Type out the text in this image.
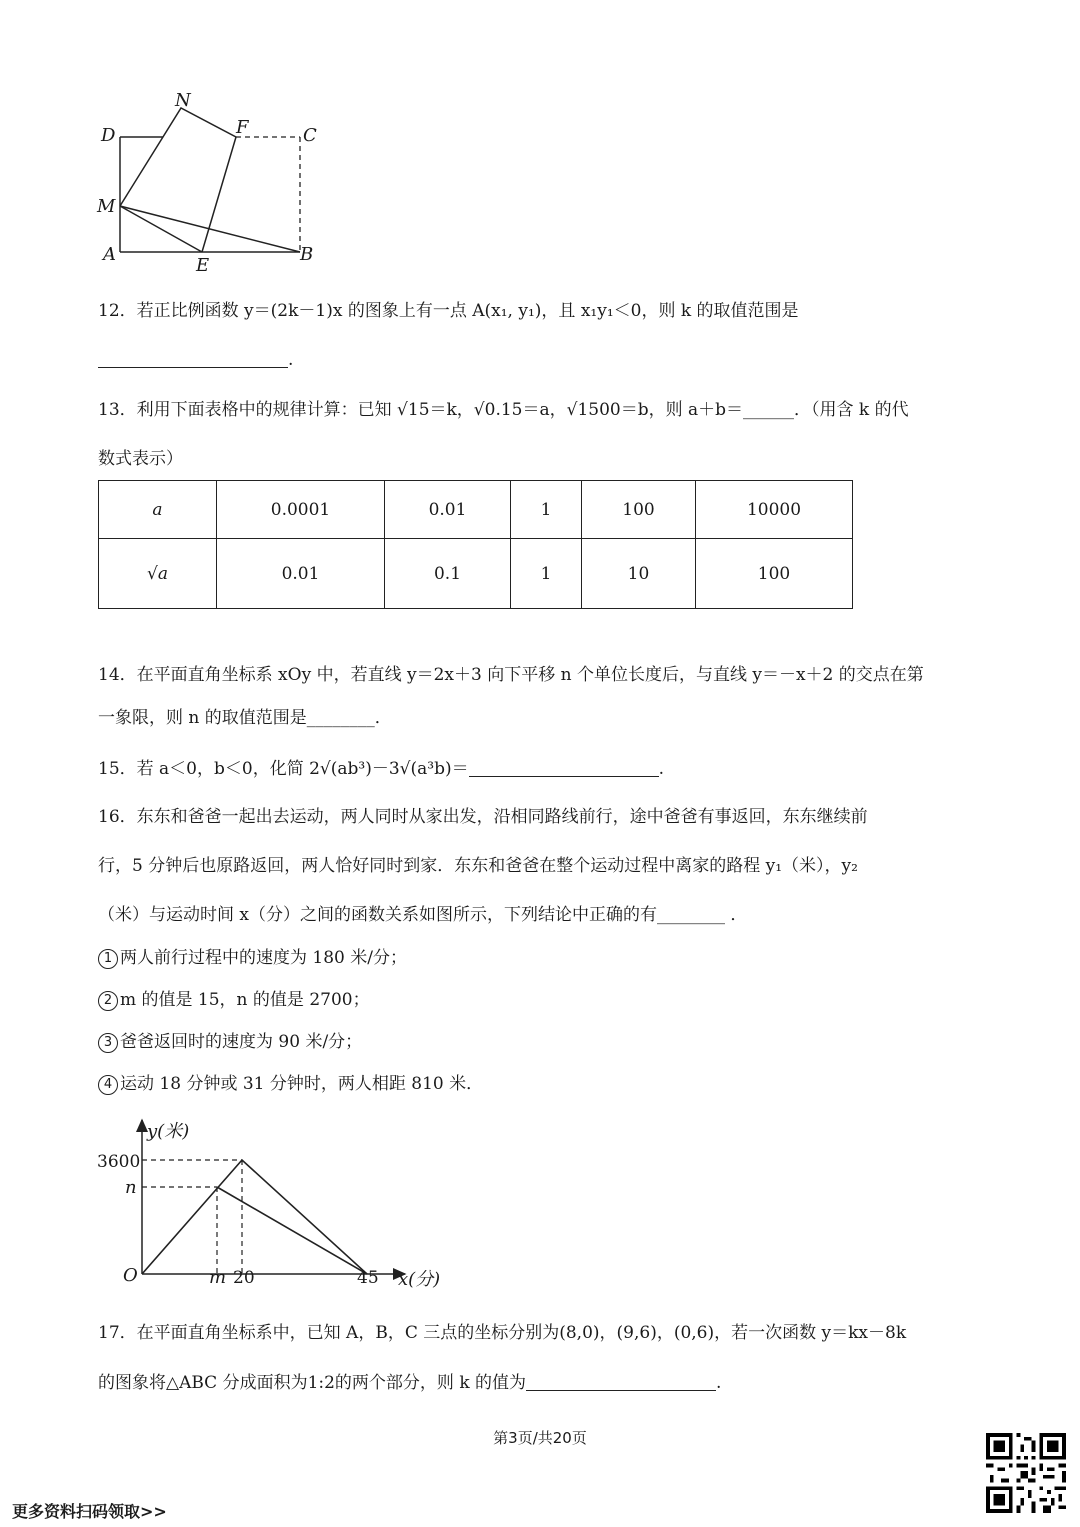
D
N
F	C
M
A
E
B
12．若正比例函数 y＝(2k－1)x 的图象上有一点 A(x₁, y₁)，且 x₁y₁＜0，则 k 的取值范围是
.
13．利用下面表格中的规律计算：已知 √15＝k，√0.15＝a，√1500＝b，则 a＋b＝______．（用含 k 的代
数式表示）
a	0.0001	0.01	1	100	10000
√a	0.01	0.1	1	10	100
14．在平面直角坐标系 xOy 中，若直线 y＝2x＋3 向下平移 n 个单位长度后，与直线 y＝－x＋2 的交点在第
一象限，则 n 的取值范围是________．
15．若 a＜0，b＜0，化简 2√(ab³)－3√(a³b)＝	.
16．东东和爸爸一起出去运动，两人同时从家出发，沿相同路线前行，途中爸爸有事返回，东东继续前
行，5 分钟后也原路返回，两人恰好同时到家．东东和爸爸在整个运动过程中离家的路程 y₁（米），y₂
（米）与运动时间 x（分）之间的函数关系如图所示，下列结论中正确的有________ ．
1 两人前行过程中的速度为 180 米/分；
2 m 的值是 15，n 的值是 2700；
3 爸爸返回时的速度为 90 米/分；
4 运动 18 分钟或 31 分钟时，两人相距 810 米．
y(米)
x(分)
O
3600
n
m 20	45
17．在平面直角坐标系中，已知 A，B，C 三点的坐标分别为(8,0)，(9,6)，(0,6)，若一次函数 y＝kx－8k
的图象将△ABC 分成面积为1:2的两个部分，则 k 的值为	.
第3页/共20页
更多资料扫码领取>>
